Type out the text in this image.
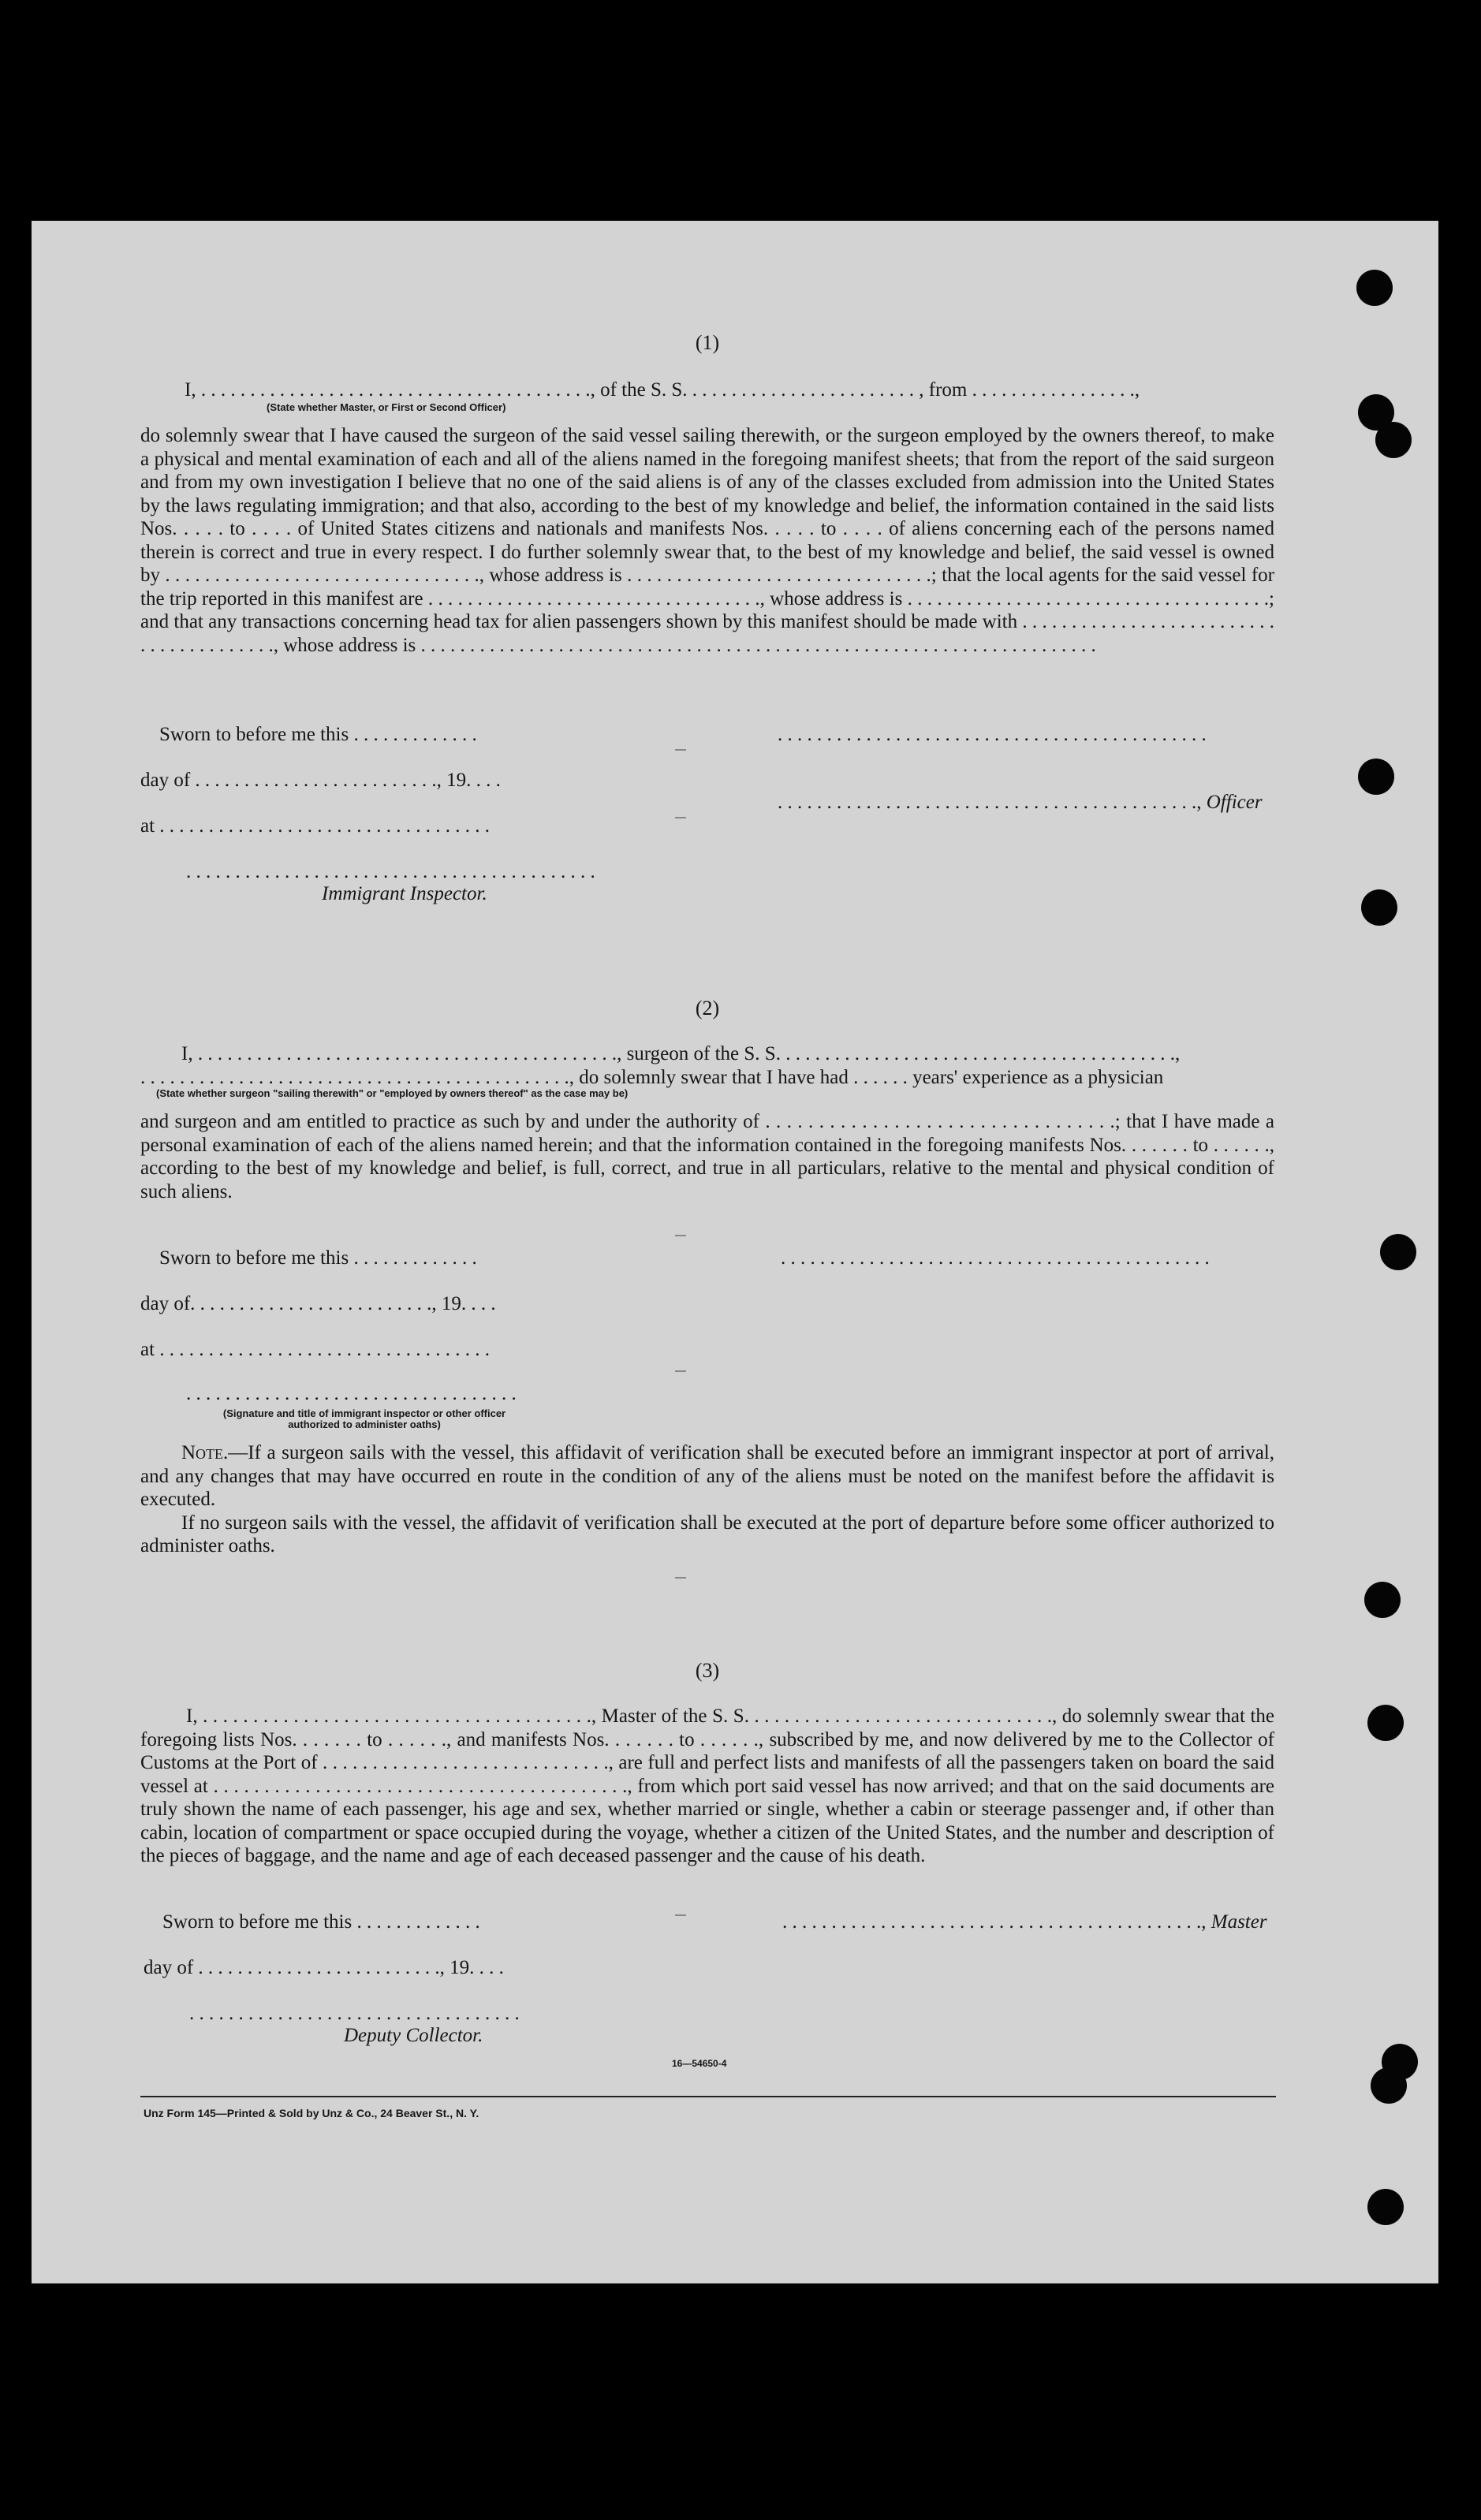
(1)
I, . . . . . . . . . . . . . . . . . . . . . . . . . . . . . . . . . . . . . . . ., of the S. S. . . . . . . . . . . . . . . . . . . . . . . . , from . . . . . . . . . . . . . . . . .,
(State whether Master, or First or Second Officer)

do solemnly swear that I have caused the surgeon of the said vessel sailing therewith, or the surgeon employed by the owners thereof, to make a physical and mental examination of each and all of the aliens named in the foregoing manifest sheets; that from the report of the said surgeon and from my own investigation I believe that no one of the said aliens is of any of the classes excluded from admission into the United States by the laws regulating immigration; and that also, according to the best of my knowledge and belief, the information contained in the said lists Nos. . . . . to . . . . of United States citizens and nationals and manifests Nos. . . . . to . . . . of aliens concerning each of the persons named therein is correct and true in every respect. I do further solemnly swear that, to the best of my knowledge and belief, the said vessel is owned by . . . . . . . . . . . . . . . . . . . . . . . . . . . . . . . ., whose address is . . . . . . . . . . . . . . . . . . . . . . . . . . . . . . .; that the local agents for the said vessel for the trip reported in this manifest are . . . . . . . . . . . . . . . . . . . . . . . . . . . . . . . . . ., whose address is . . . . . . . . . . . . . . . . . . . . . . . . . . . . . . . . . . . . .; and that any transactions concerning head tax for alien passengers shown by this manifest should be made with . . . . . . . . . . . . . . . . . . . . . . . . . . . . . . . . . . . . . . . ., whose address is . . . . . . . . . . . . . . . . . . . . . . . . . . . . . . . . . . . . . . . . . . . . . . . . . . . . . . . . . . . . . . . . . . . . .

Sworn to before me this . . . . . . . . . . . . .	. . . . . . . . . . . . . . . . . . . . . . . . . . . . . . . . . . . . . . . . . . . .
day of . . . . . . . . . . . . . . . . . . . . . . . . ., 19. . . .
. . . . . . . . . . . . . . . . . . . . . . . . . . . . . . . . . . . . . . . . . . ., Officer
at . . . . . . . . . . . . . . . . . . . . . . . . . . . . . . . . . .
. . . . . . . . . . . . . . . . . . . . . . . . . . . . . . . . . . . . . . . . . .
Immigrant Inspector.
(2)
I, . . . . . . . . . . . . . . . . . . . . . . . . . . . . . . . . . . . . . . . . . . ., surgeon of the S. S. . . . . . . . . . . . . . . . . . . . . . . . . . . . . . . . . . . . . . . . .,
. . . . . . . . . . . . . . . . . . . . . . . . . . . . . . . . . . . . . . . . . . . ., do solemnly swear that I have had . . . . . . years' experience as a physician
(State whether surgeon "sailing therewith" or "employed by owners thereof" as the case may be)

and surgeon and am entitled to practice as such by and under the authority of . . . . . . . . . . . . . . . . . . . . . . . . . . . . . . . . .; that I have made a personal examination of each of the aliens named herein; and that the information contained in the foregoing manifests Nos. . . . . . . to . . . . . ., according to the best of my knowledge and belief, is full, correct, and true in all particulars, relative to the mental and physical condition of such aliens.

Sworn to before me this . . . . . . . . . . . . .	. . . . . . . . . . . . . . . . . . . . . . . . . . . . . . . . . . . . . . . . . . . .
day of. . . . . . . . . . . . . . . . . . . . . . . . ., 19. . . .
at . . . . . . . . . . . . . . . . . . . . . . . . . . . . . . . . . .
. . . . . . . . . . . . . . . . . . . . . . . . . . . . . . . . . .
(Signature and title of immigrant inspector or other officer authorized to administer oaths)

Note.—If a surgeon sails with the vessel, this affidavit of verification shall be executed before an immigrant inspector at port of arrival, and any changes that may have occurred en route in the condition of any of the aliens must be noted on the manifest before the affidavit is executed.

If no surgeon sails with the vessel, the affidavit of verification shall be executed at the port of departure before some officer authorized to administer oaths.

(3)

I, . . . . . . . . . . . . . . . . . . . . . . . . . . . . . . . . . . . . . . ., Master of the S. S. . . . . . . . . . . . . . . . . . . . . . . . . . . . . . ., do solemnly swear that the foregoing lists Nos. . . . . . . to . . . . . ., and manifests Nos. . . . . . . to . . . . . ., subscribed by me, and now delivered by me to the Collector of Customs at the Port of . . . . . . . . . . . . . . . . . . . . . . . . . . . . ., are full and perfect lists and manifests of all the passengers taken on board the said vessel at . . . . . . . . . . . . . . . . . . . . . . . . . . . . . . . . . . . . . . . . ., from which port said vessel has now arrived; and that on the said documents are truly shown the name of each passenger, his age and sex, whether married or single, whether a cabin or steerage passenger and, if other than cabin, location of compartment or space occupied during the voyage, whether a citizen of the United States, and the number and description of the pieces of baggage, and the name and age of each deceased passenger and the cause of his death.

Sworn to before me this . . . . . . . . . . . . .	. . . . . . . . . . . . . . . . . . . . . . . . . . . . . . . . . . . . . . . . . . ., Master
day of . . . . . . . . . . . . . . . . . . . . . . . . ., 19. . . .
. . . . . . . . . . . . . . . . . . . . . . . . . . . . . . . . . .
Deputy Collector.
16—54650-4
Unz Form 145—Printed & Sold by Unz & Co., 24 Beaver St., N. Y.
